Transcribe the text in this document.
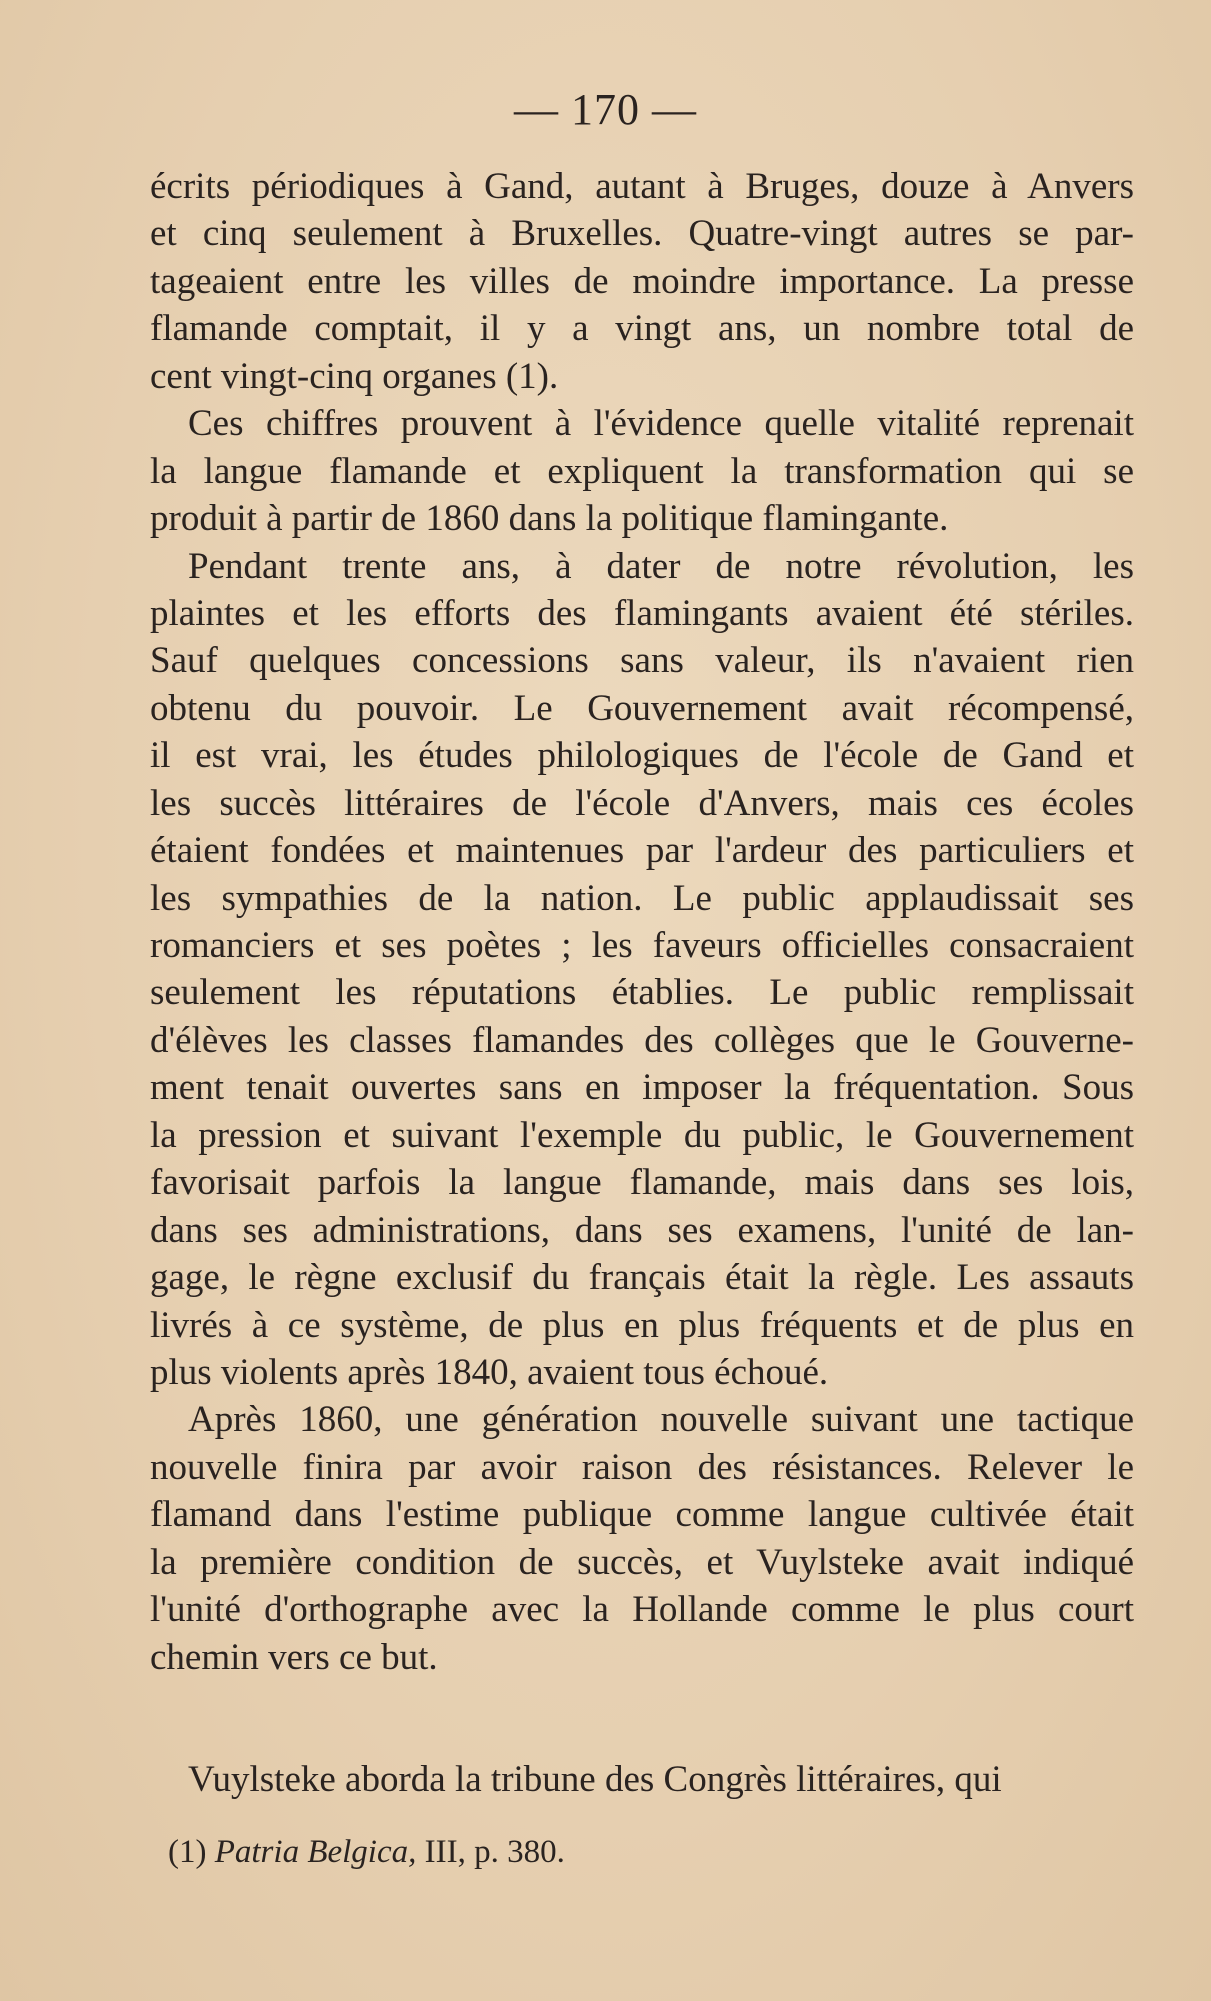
— 170 —
écrits périodiques à Gand, autant à Bruges, douze à Anvers
et cinq seulement à Bruxelles. Quatre-vingt autres se par-
tageaient entre les villes de moindre importance. La presse
flamande comptait, il y a vingt ans, un nombre total de
cent vingt-cinq organes (1).
Ces chiffres prouvent à l'évidence quelle vitalité reprenait
la langue flamande et expliquent la transformation qui se
produit à partir de 1860 dans la politique flamingante.
Pendant trente ans, à dater de notre révolution, les
plaintes et les efforts des flamingants avaient été stériles.
Sauf quelques concessions sans valeur, ils n'avaient rien
obtenu du pouvoir. Le Gouvernement avait récompensé,
il est vrai, les études philologiques de l'école de Gand et
les succès littéraires de l'école d'Anvers, mais ces écoles
étaient fondées et maintenues par l'ardeur des particuliers et
les sympathies de la nation. Le public applaudissait ses
romanciers et ses poètes ; les faveurs officielles consacraient
seulement les réputations établies. Le public remplissait
d'élèves les classes flamandes des collèges que le Gouverne-
ment tenait ouvertes sans en imposer la fréquentation. Sous
la pression et suivant l'exemple du public, le Gouvernement
favorisait parfois la langue flamande, mais dans ses lois,
dans ses administrations, dans ses examens, l'unité de lan-
gage, le règne exclusif du français était la règle. Les assauts
livrés à ce système, de plus en plus fréquents et de plus en
plus violents après 1840, avaient tous échoué.
Après 1860, une génération nouvelle suivant une tactique
nouvelle finira par avoir raison des résistances. Relever le
flamand dans l'estime publique comme langue cultivée était
la première condition de succès, et Vuylsteke avait indiqué
l'unité d'orthographe avec la Hollande comme le plus court
chemin vers ce but.
Vuylsteke aborda la tribune des Congrès littéraires, qui
(1) Patria Belgica, III, p. 380.
